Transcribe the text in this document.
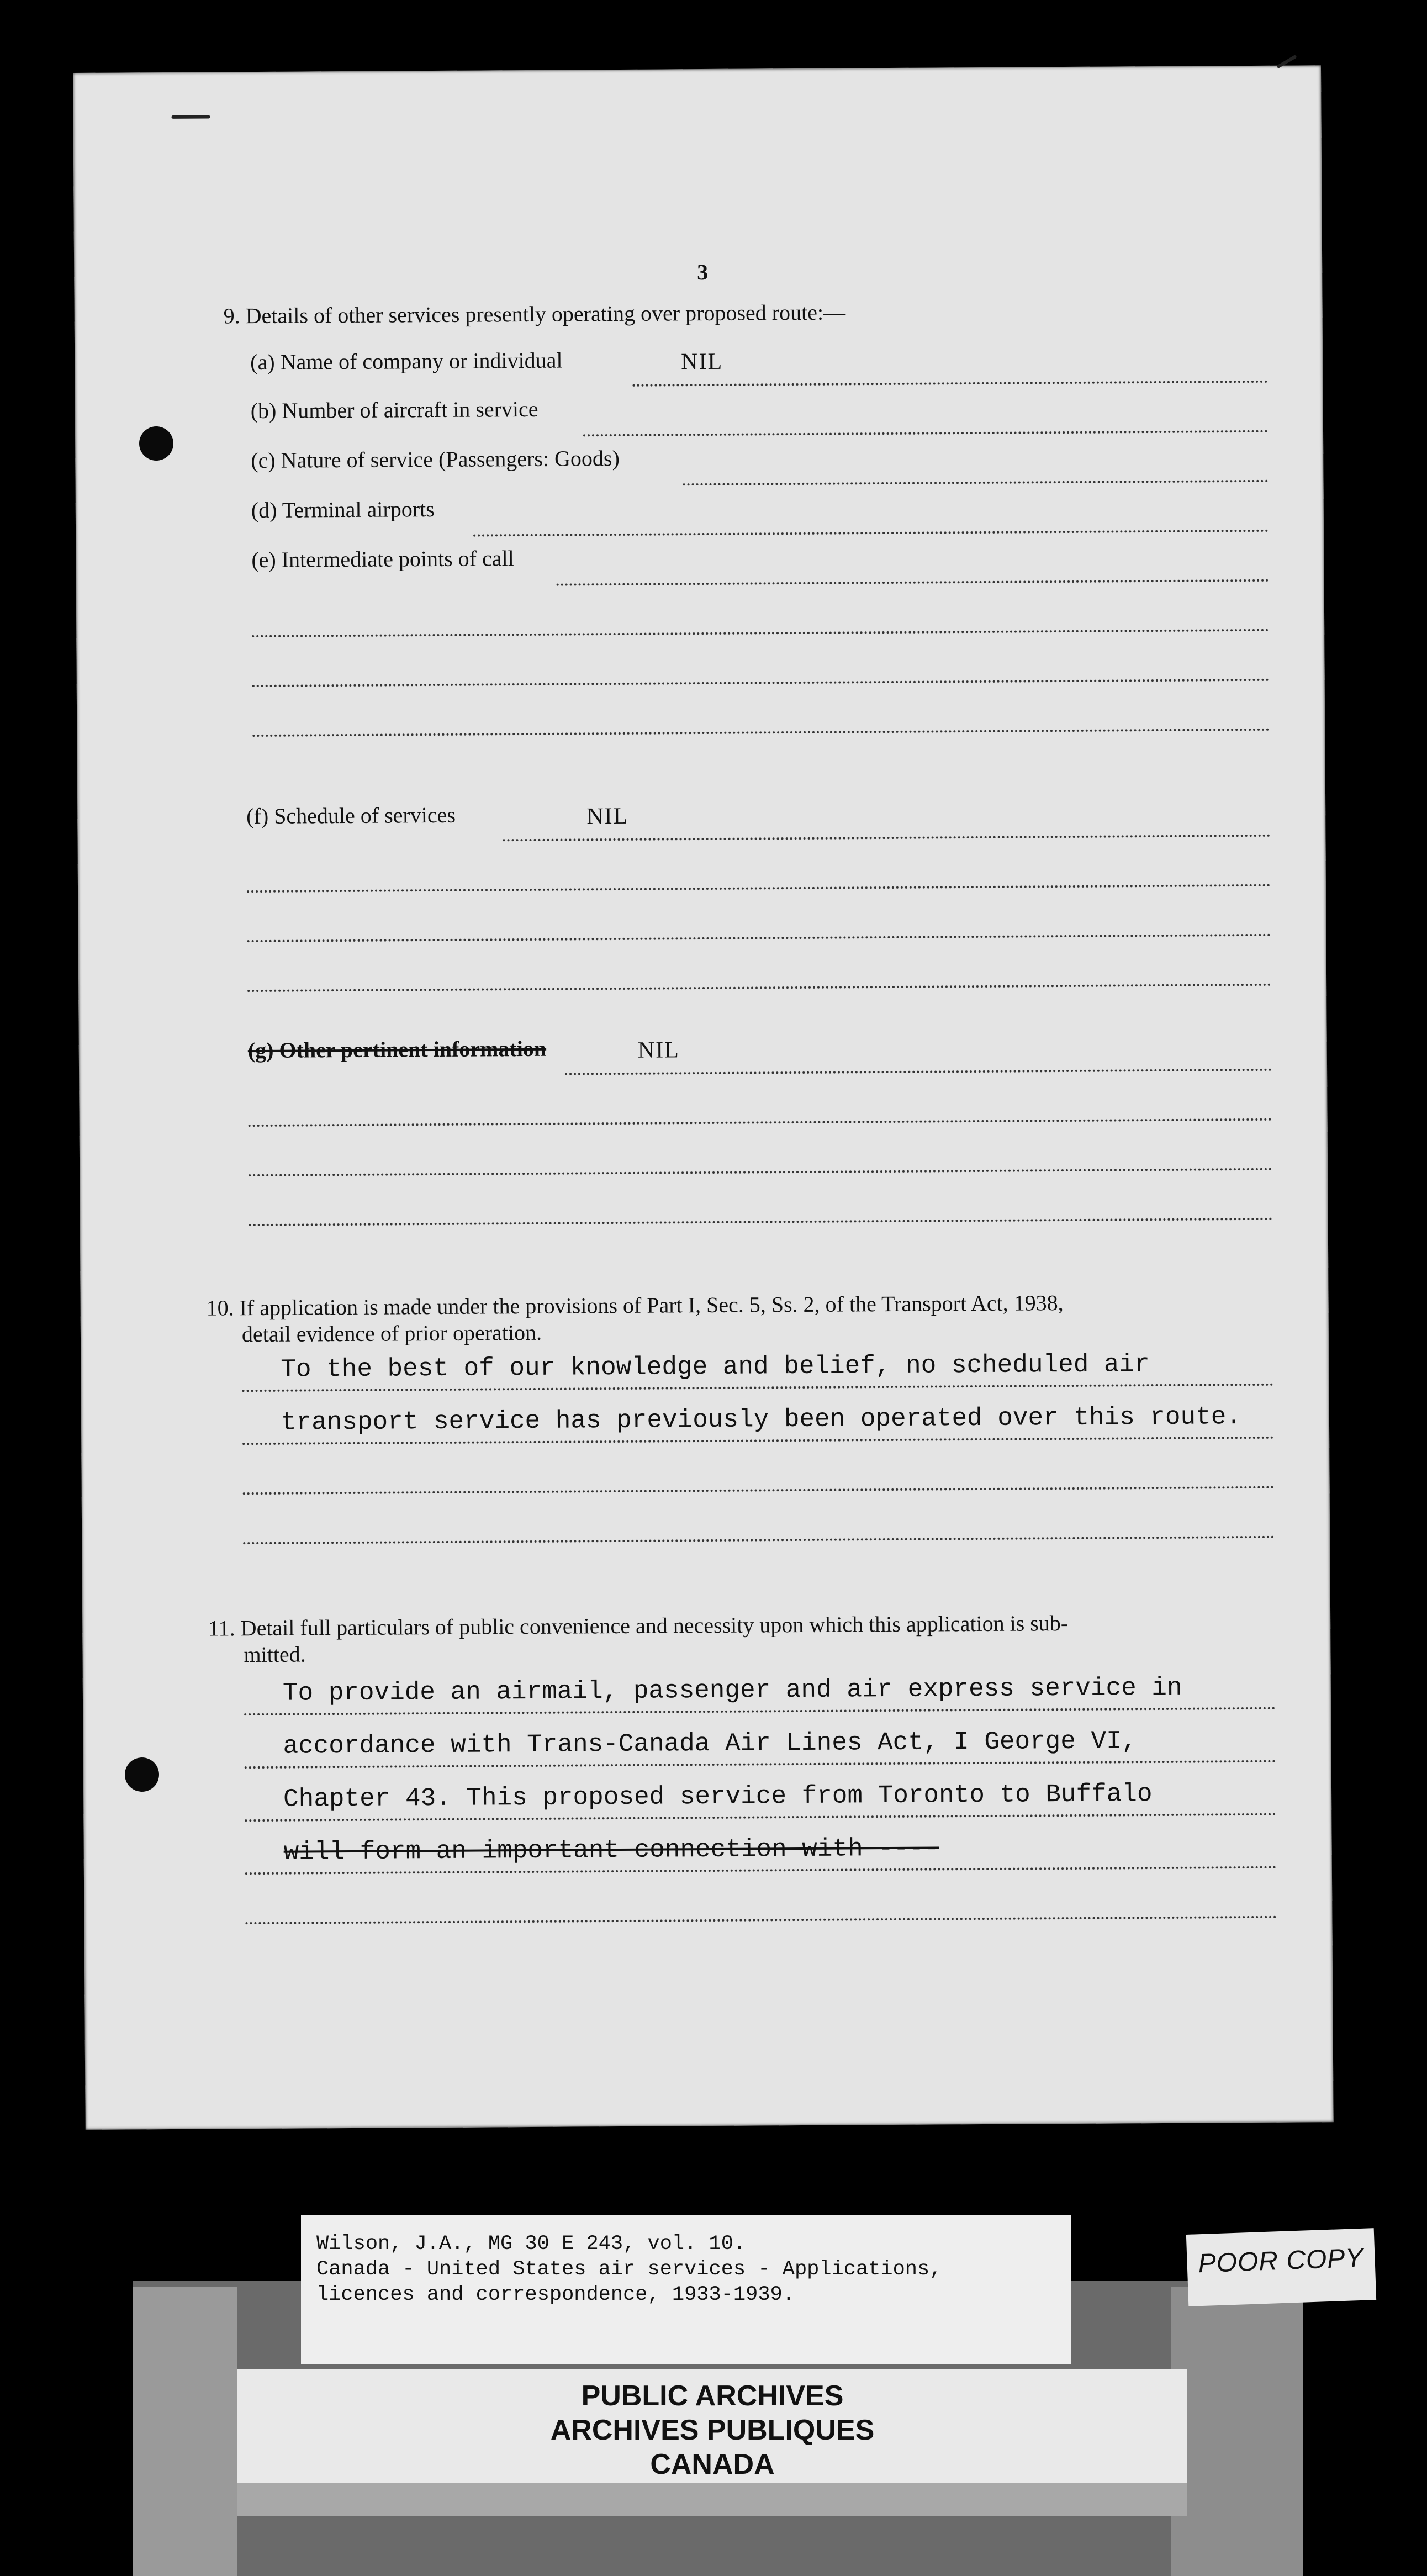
3
9. Details of other services presently operating over proposed route:—
(a) Name of company or individual	NIL
(b) Number of aircraft in service
(c) Nature of service (Passengers: Goods)
(d) Terminal airports
(e) Intermediate points of call
(f) Schedule of services	NIL
(g) Other pertinent information	NIL
10. If application is made under the provisions of Part I, Sec. 5, Ss. 2, of the Transport Act, 1938,
detail evidence of prior operation.
To the best of our knowledge and belief, no scheduled air
transport service has previously been operated over this route.
11. Detail full particulars of public convenience and necessity upon which this application is sub-
mitted.
To provide an airmail, passenger and air express service in
accordance with Trans-Canada Air Lines Act, I George VI,
Chapter 43. This proposed service from Toronto to Buffalo
will form an important connection with ----
PUBLIC ARCHIVES
ARCHIVES PUBLIQUES
CANADA
Wilson, J.A., MG 30 E 243, vol. 10.
Canada - United States air services - Applications,
licences and correspondence, 1933-1939.
POOR COPY
